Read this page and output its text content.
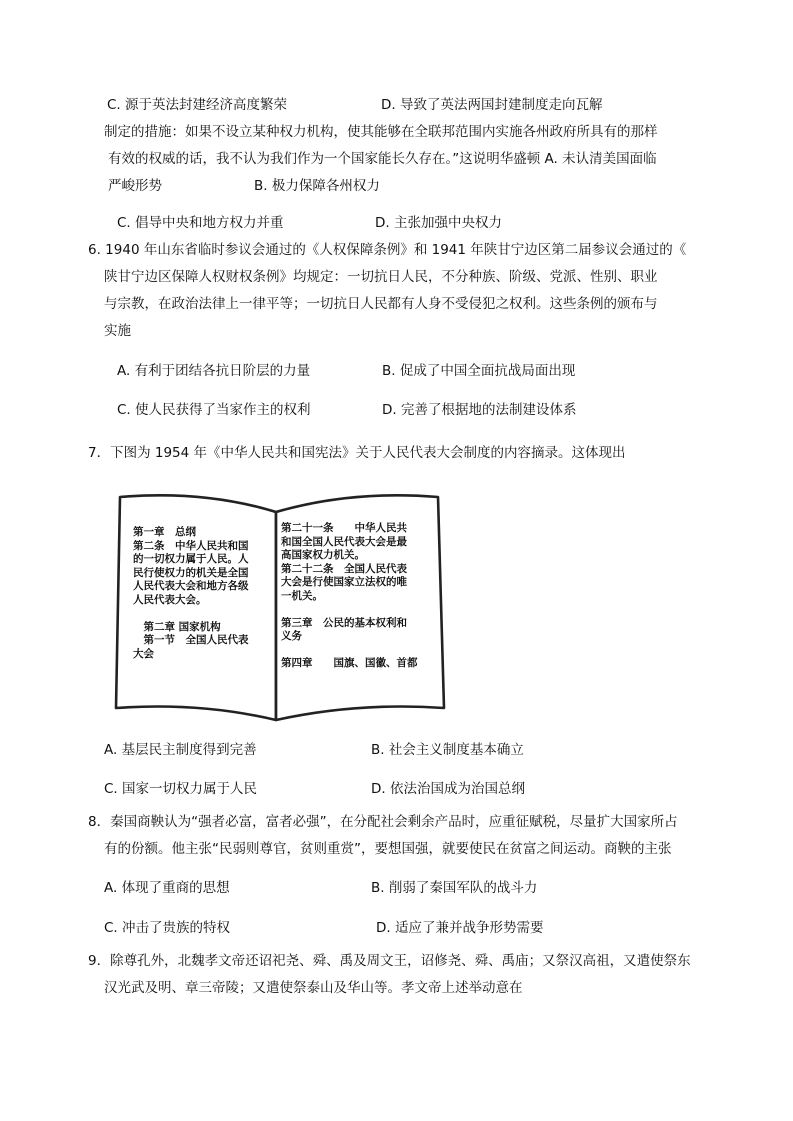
C. 源于英法封建经济高度繁荣	D. 导致了英法两国封建制度走向瓦解
制定的措施：如果不设立某种权力机构，使其能够在全联邦范围内实施各州政府所具有的那样
有效的权威的话，我不认为我们作为一个国家能长久存在。”这说明华盛顿 A. 未认清美国面临
严峻形势	B. 极力保障各州权力
C. 倡导中央和地方权力并重	D. 主张加强中央权力
6. 1940 年山东省临时参议会通过的《人权保障条例》和 1941 年陕甘宁边区第二届参议会通过的《
陕甘宁边区保障人权财权条例》均规定：一切抗日人民，不分种族、阶级、党派、性别、职业
与宗教，在政治法律上一律平等；一切抗日人民都有人身不受侵犯之权利。这些条例的颁布与
实施
A. 有利于团结各抗日阶层的力量	B. 促成了中国全面抗战局面出现
C. 使人民获得了当家作主的权利	D. 完善了根据地的法制建设体系
7．下图为 1954 年《中华人民共和国宪法》关于人民代表大会制度的内容摘录。这体现出
第一章　总纲
第二条　中华人民共和国
的一切权力属于人民。人
民行使权力的机关是全国
人民代表大会和地方各级
人民代表大会。

　第二章 国家机构
　第一节　全国人民代表
大会
第二十一条　　中华人民共
和国全国人民代表大会是最
高国家权力机关。
第二十二条　全国人民代表
大会是行使国家立法权的唯
一机关。

第三章　公民的基本权利和
义务

第四章　　国旗、国徽、首都
A. 基层民主制度得到完善	B. 社会主义制度基本确立
C. 国家一切权力属于人民	D. 依法治国成为治国总纲
8．秦国商鞅认为“强者必富，富者必强”，在分配社会剩余产品时，应重征赋税，尽量扩大国家所占
有的份额。他主张“民弱则尊官，贫则重赏”，要想国强，就要使民在贫富之间运动。商鞅的主张
A. 体现了重商的思想	B. 削弱了秦国军队的战斗力
C. 冲击了贵族的特权	D. 适应了兼并战争形势需要
9．除尊孔外，北魏孝文帝还诏祀尧、舜、禹及周文王，诏修尧、舜、禹庙；又祭汉高祖，又遣使祭东
汉光武及明、章三帝陵；又遣使祭泰山及华山等。孝文帝上述举动意在
